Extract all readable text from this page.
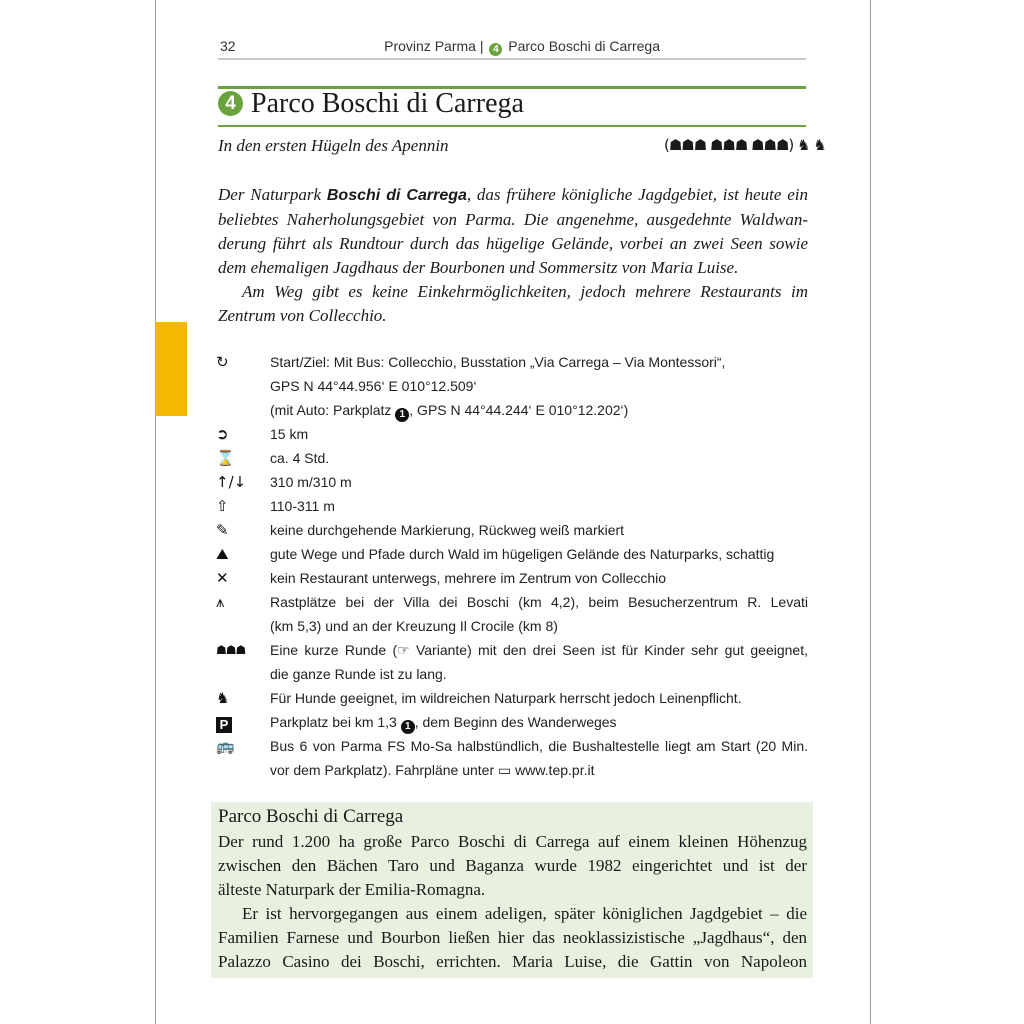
32	Provinz Parma | 4 Parco Boschi di Carrega
4 Parco Boschi di Carrega
In den ersten Hügeln des Apennin	(☗☗☗ ☗☗☗ ☗☗☗) ♞ ♞

Der Naturpark Boschi di Carrega, das frühere königliche Jagdgebiet, ist heute ein
beliebtes Naherholungsgebiet von Parma. Die angenehme, ausgedehnte Waldwan-
derung führt als Rundtour durch das hügelige Gelände, vorbei an zwei Seen sowie
dem ehemaligen Jagdhaus der Bourbonen und Sommersitz von Maria Luise.

Am Weg gibt es keine Einkehrmöglichkeiten, jedoch mehrere Restaurants im
Zentrum von Collecchio.

↻	Start/Ziel: Mit Bus: Collecchio, Busstation „Via Carrega – Via Montessori“,
GPS N 44°44.956‘ E 010°12.509‘
(mit Auto: Parkplatz 1 , GPS N 44°44.244‘ E 010°12.202‘)
➲	15 km
⌛	ca. 4 Std.
↑/↓	310 m/310 m
⇧	110-311 m
✎	keine durchgehende Markierung, Rückweg weiß markiert
⛰	gute Wege und Pfade durch Wald im hügeligen Gelände des Naturparks, schattig
✕	kein Restaurant unterwegs, mehrere im Zentrum von Collecchio
⩚	Rastplätze bei der Villa dei Boschi (km 4,2), beim Besucherzentrum R. Levati
(km 5,3) und an der Kreuzung Il Crocile (km 8)
☗☗☗	Eine kurze Runde (☞ Variante) mit den drei Seen ist für Kinder sehr gut geeignet,
die ganze Runde ist zu lang.
♞	Für Hunde geeignet, im wildreichen Naturpark herrscht jedoch Leinenpflicht.
P	Parkplatz bei km 1,3 1 , dem Beginn des Wanderweges
🚌	Bus 6 von Parma FS Mo-Sa halbstündlich, die Bushaltestelle liegt am Start (20 Min.
vor dem Parkplatz). Fahrpläne unter ▭ www.tep.pr.it
Parco Boschi di Carrega

Der rund 1.200 ha große Parco Boschi di Carrega auf einem kleinen Höhenzug
zwischen den Bächen Taro und Baganza wurde 1982 eingerichtet und ist der
älteste Naturpark der Emilia-Romagna.

Er ist hervorgegangen aus einem adeligen, später königlichen Jagdgebiet – die
Familien Farnese und Bourbon ließen hier das neoklassizistische „Jagdhaus“, den
Palazzo Casino dei Boschi, errichten. Maria Luise, die Gattin von Napoleon
